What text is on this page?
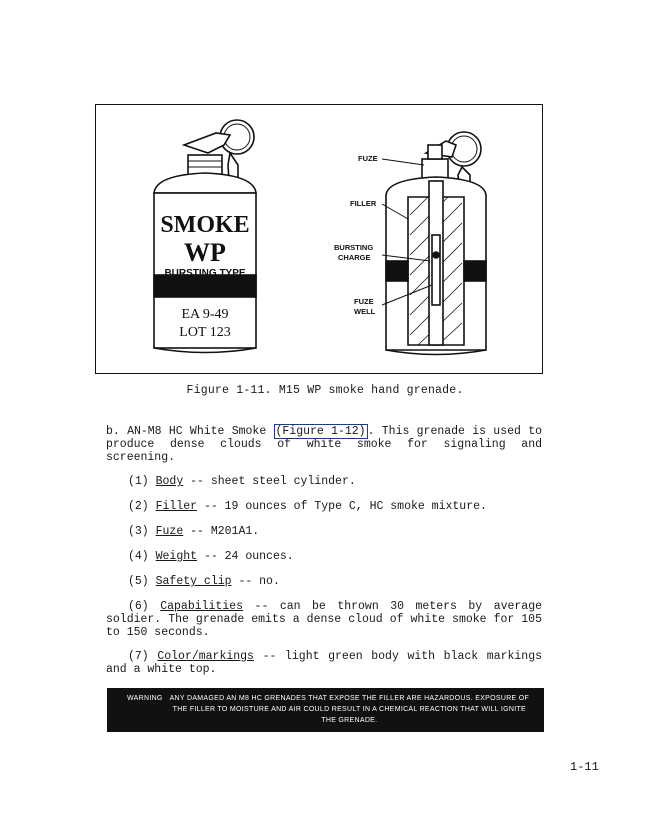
SMOKE
WP
BURSTING TYPE
EA 9-49
LOT 123
FUZE
FILLER
BURSTING
CHARGE
FUZE
WELL
Figure 1-11. M15 WP smoke hand grenade.
b. AN-M8 HC White Smoke (Figure 1-12) . This grenade is used to produce dense clouds of white smoke for signaling and screening.
(1) Body -- sheet steel cylinder.
(2) Filler -- 19 ounces of Type C, HC smoke mixture.
(3) Fuze -- M201A1.
(4) Weight -- 24 ounces.
(5) Safety clip -- no.
(6) Capabilities -- can be thrown 30 meters by average soldier. The grenade emits a dense cloud of white smoke for 105 to 150 seconds.
(7) Color/markings -- light green body with black markings and a white top.
WARNING ANY DAMAGED AN M8 HC GRENADES THAT EXPOSE THE FILLER ARE HAZARDOUS. EXPOSURE OF THE FILLER TO MOISTURE AND AIR COULD RESULT IN A CHEMICAL REACTION THAT WILL IGNITE THE GRENADE.
1-11
